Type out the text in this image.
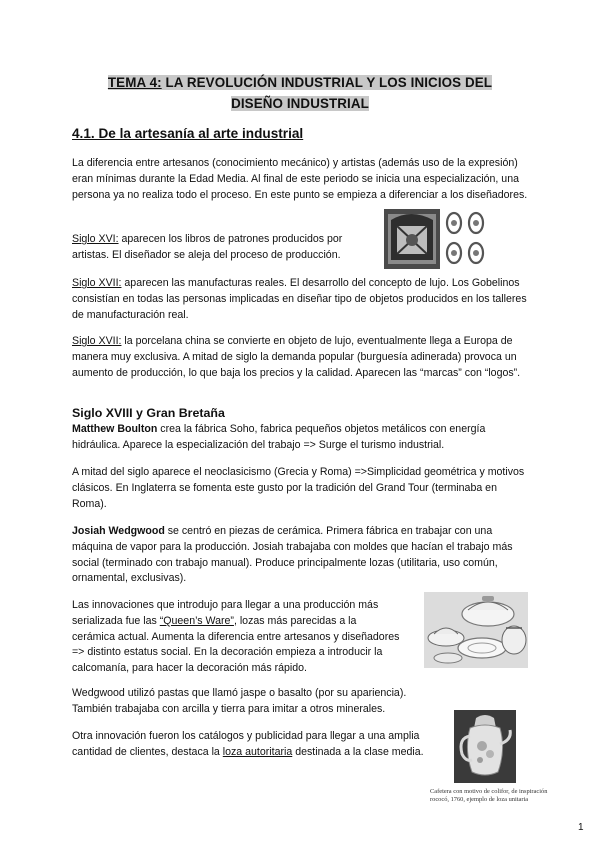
TEMA 4: LA REVOLUCIÓN INDUSTRIAL Y LOS INICIOS DEL
DISEÑO INDUSTRIAL
4.1. De la artesanía al arte industrial

La diferencia entre artesanos (conocimiento mecánico) y artistas (además uso de la expresión) eran mínimas durante la Edad Media. Al final de este periodo se inicia una especialización, una persona ya no realiza todo el proceso. En este punto se empieza a diferenciar a los diseñadores.

Siglo XVI: aparecen los libros de patrones producidos por
artistas. El diseñador se aleja del proceso de producción.

Siglo XVII: aparecen las manufacturas reales. El desarrollo del concepto de lujo. Los Gobelinos consistían en todas las personas implicadas en diseñar tipo de objetos producidos en los talleres de manufacturación real.

Siglo XVII: la porcelana china se convierte en objeto de lujo, eventualmente llega a Europa de manera muy exclusiva. A mitad de siglo la demanda popular (burguesía adinerada) provoca un aumento de producción, lo que baja los precios y la calidad. Aparecen las “marcas” con “logos”.

Siglo XVIII y Gran Bretaña

Matthew Boulton crea la fábrica Soho, fabrica pequeños objetos metálicos con energía hidráulica. Aparece la especialización del trabajo => Surge el turismo industrial.

A mitad del siglo aparece el neoclasicismo (Grecia y Roma) =>Simplicidad geométrica y motivos clásicos. En Inglaterra se fomenta este gusto por la tradición del Grand Tour (terminaba en Roma).

Josiah Wedgwood se centró en piezas de cerámica. Primera fábrica en trabajar con una máquina de vapor para la producción. Josiah trabajaba con moldes que hacían el trabajo más social (terminado con trabajo manual). Produce principalmente lozas (utilitaria, uso común, ornamental, exclusivas).

Las innovaciones que introdujo para llegar a una producción más
serializada fue las “Queen’s Ware”, lozas más parecidas a la
cerámica actual. Aumenta la diferencia entre artesanos y diseñadores
=> distinto estatus social. En la decoración empieza a introducir la
calcomanía, para hacer la decoración más rápido.

Wedgwood utilizó pastas que llamó jaspe o basalto (por su apariencia).
También trabajaba con arcilla y tierra para imitar a otros minerales.

Otra innovación fueron los catálogos y publicidad para llegar a una amplia
cantidad de clientes, destaca la loza autoritaria destinada a la clase media.

Cafetera con motivo de colifor, de inspiración rococó, 1760, ejemplo de loza unitaria
1
